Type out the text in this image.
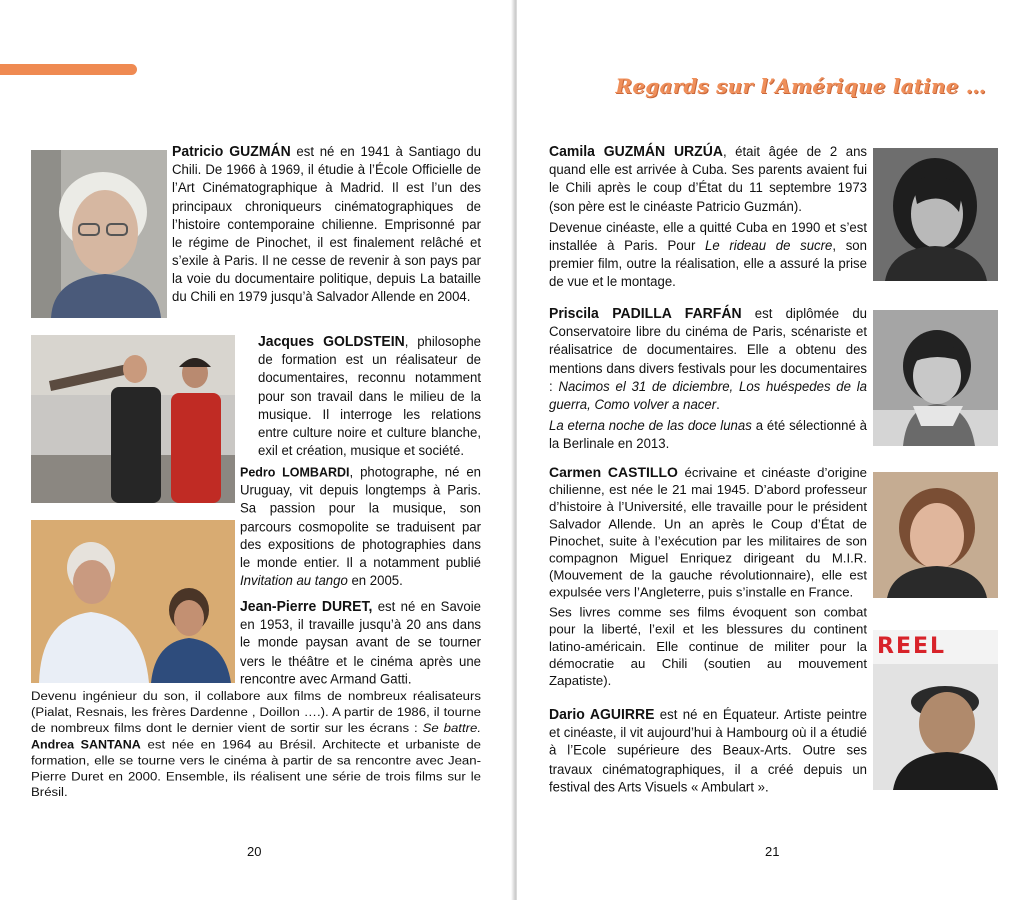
Patricio GUZMÁN est né en 1941 à Santiago du Chili. De 1966 à 1969, il étudie à l’École Officielle de l’Art Cinématographique à Madrid. Il est l’un des principaux chroniqueurs cinématographiques de l’histoire contemporaine chilienne. Emprisonné par le régime de Pinochet, il est finalement relâché et s’exile à Paris. Il ne cesse de revenir à son pays par la voie du documentaire politique, depuis La bataille du Chili en 1979 jusqu’à Salvador Allende en 2004.
Jacques GOLDSTEIN, philosophe de formation est un réalisateur de documentaires, reconnu notamment pour son travail dans le milieu de la musique. Il interroge les relations entre culture noire et culture blanche, exil et création, musique et société.
Pedro LOMBARDI, photographe, né en Uruguay, vit depuis longtemps à Paris. Sa passion pour la musique, son parcours cosmopolite se traduisent par des expositions de photographies dans le monde entier. Il a notamment publié Invitation au tango en 2005.
Jean‑Pierre DURET, est né en Savoie en 1953, il travaille jusqu’à 20 ans dans le monde paysan avant de se tourner vers le théâtre et le cinéma après une rencontre avec Armand Gatti.
Devenu ingénieur du son, il collabore aux films de nombreux réalisateurs (Pialat, Resnais, les frères Dardenne , Doillon ….). A partir de 1986, il tourne de nombreux films dont le dernier vient de sortir sur les écrans : Se battre. Andrea SANTANA est née en 1964 au Brésil. Architecte et urbaniste de formation, elle se tourne vers le cinéma à partir de sa rencontre avec Jean-Pierre Duret en 2000. Ensemble, ils réalisent une série de trois films sur le Brésil.
20
Regards sur l’Amérique latine …

Camila GUZMÁN URZÚA, était âgée de 2 ans quand elle est arrivée à Cuba. Ses parents avaient fui le Chili après le coup d’État du 11 septembre 1973 (son père est le cinéaste Patricio Guzmán).

Devenue cinéaste, elle a quitté Cuba en 1990 et s’est installée à Paris. Pour Le rideau de sucre, son premier film, outre la réalisation, elle a assuré la prise de vue et le montage.

Priscila PADILLA FARFÁN est diplômée du Conservatoire libre du cinéma de Paris, scénariste et réalisatrice de documentaires. Elle a obtenu des mentions dans divers festivals pour les documentaires : Nacimos el 31 de diciembre, Los huéspedes de la guerra, Como volver a nacer.

La eterna noche de las doce lunas a été sélectionné à la Berlinale en 2013.

Carmen CASTILLO écrivaine et cinéaste d’origine chilienne, est née le 21 mai 1945. D’abord professeur d’histoire à l’Université, elle travaille pour le président Salvador Allende. Un an après le Coup d’État de Pinochet, suite à l’exécution par les militaires de son compagnon Miguel Enriquez dirigeant du M.I.R. (Mouvement de la gauche révolutionnaire), elle est expulsée vers l’Angleterre, puis s’installe en France.

Ses livres comme ses films évoquent son combat pour la liberté, l’exil et les blessures du continent latino-américain. Elle continue de militer pour la démocratie au Chili (soutien au mouvement Zapatiste).

REEL
Dario AGUIRRE est né en Équateur. Artiste peintre et cinéaste, il vit aujourd’hui à Hambourg où il a étudié à l’Ecole supérieure des Beaux-Arts. Outre ses travaux cinématographiques, il a créé depuis un festival des Arts Visuels « Ambulart ».
21
